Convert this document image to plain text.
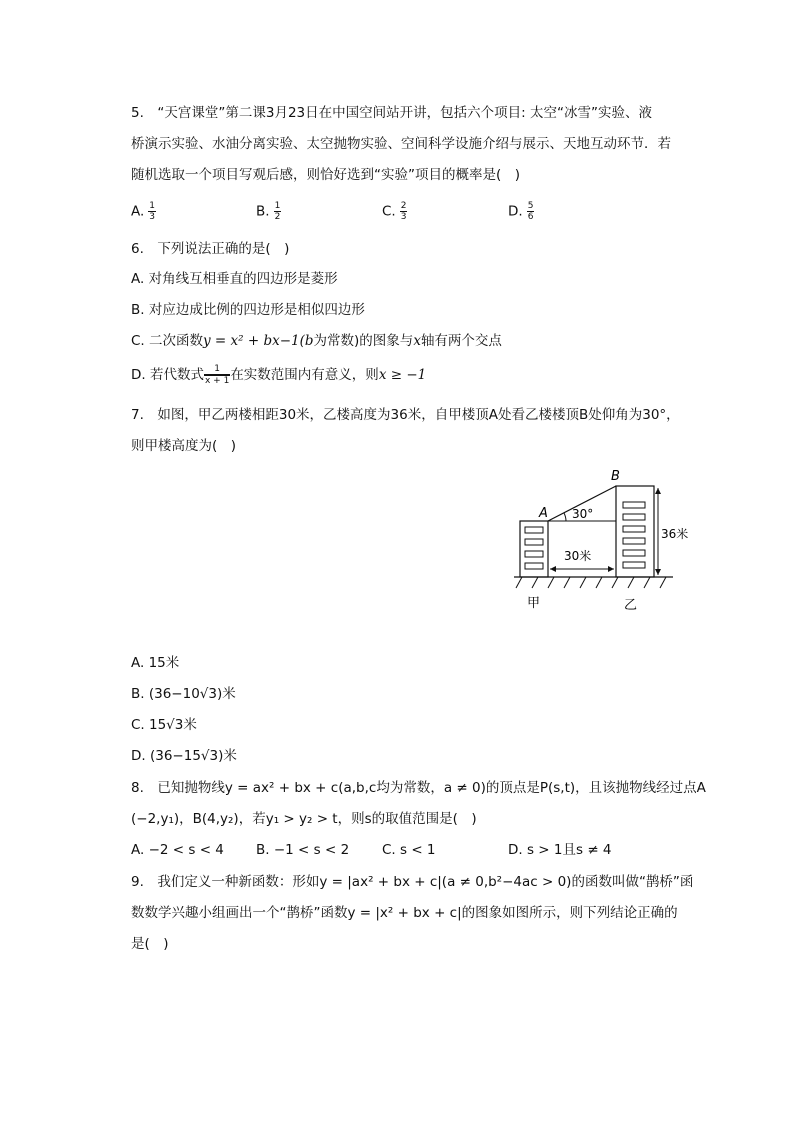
5.　“天宫课堂”第二课3月23日在中国空间站开讲，包括六个项目: 太空“冰雪”实验、液
桥演示实验、水油分离实验、太空抛物实验、空间科学设施介绍与展示、天地互动环节．若
随机选取一个项目写观后感，则恰好选到“实验”项目的概率是(　)
A. $\frac{1}{3}$	B. $\frac{1}{2}$	C. $\frac{2}{3}$	D. $\frac{5}{6}$
6.　下列说法正确的是(　)
A. 对角线互相垂直的四边形是菱形
B. 对应边成比例的四边形是相似四边形
C. 二次函数y = x² + bx−1(b为常数)的图象与x轴有两个交点
D. 若代数式 $\frac{1}{x + 1}$ 在实数范围内有意义，则x ≥ −1
7.　如图，甲乙两楼相距30米，乙楼高度为36米，自甲楼顶A处看乙楼楼顶B处仰角为30°，
则甲楼高度为(　)
A
B
30°
30米
36米
甲	乙
A. 15米
B. (36−10√3)米
C. 15√3米
D. (36−15√3)米
8.　已知抛物线y = ax² + bx + c(a,b,c均为常数，a ≠ 0)的顶点是P(s,t)，且该抛物线经过点A
(−2,y₁)，B(4,y₂)，若y₁ > y₂ > t，则s的取值范围是(　)
A. −2 < s < 4 B. −1 < s < 2 C. s < 1	D. s > 1且s ≠ 4
9.　我们定义一种新函数：形如y = |ax² + bx + c|(a ≠ 0,b²−4ac > 0)的函数叫做“鹊桥”函
数数学兴趣小组画出一个“鹊桥”函数y = |x² + bx + c|的图象如图所示，则下列结论正确的
是(　)
